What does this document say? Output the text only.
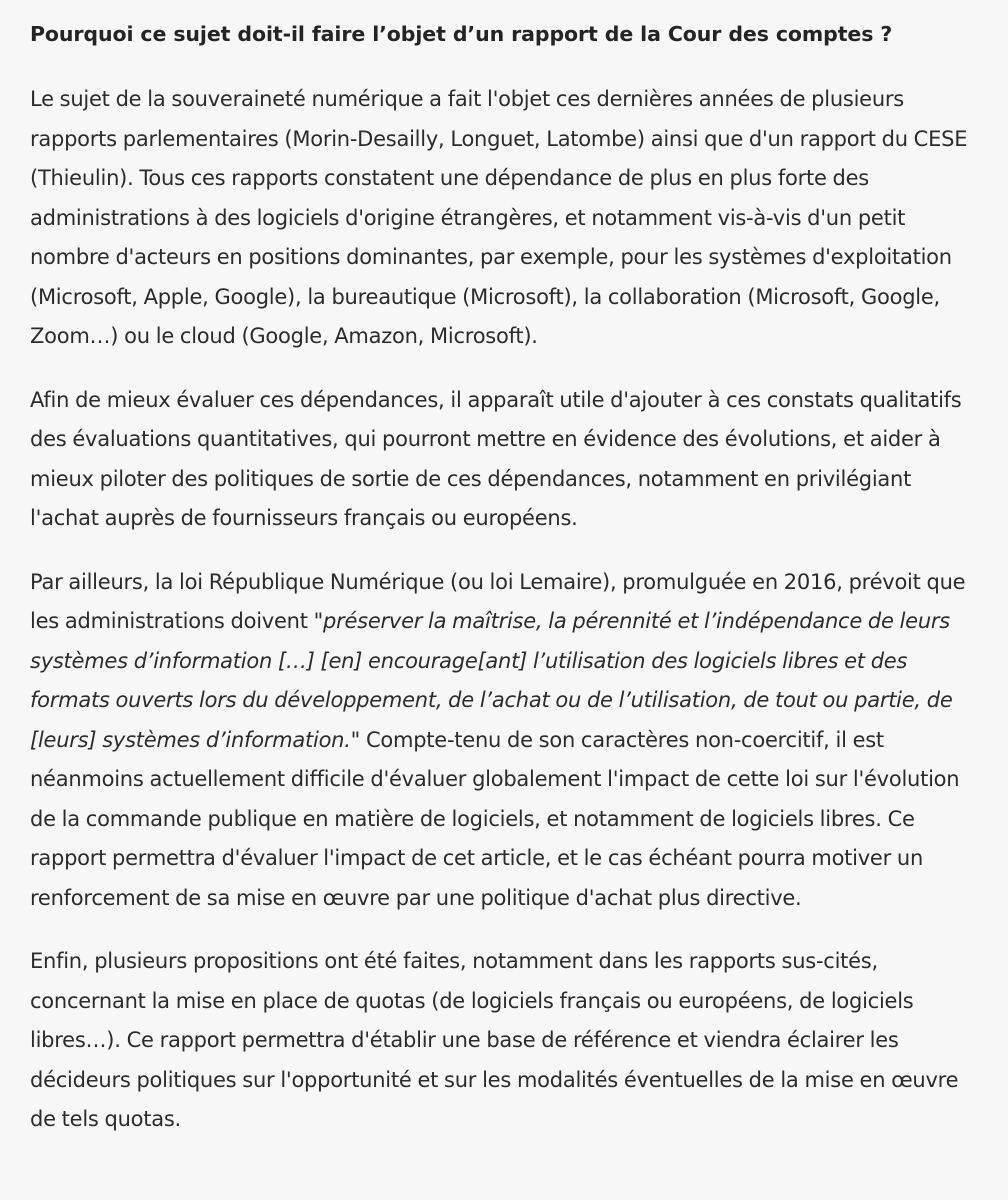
Pourquoi ce sujet doit-il faire l’objet d’un rapport de la Cour des comptes ?

Le sujet de la souveraineté numérique a fait l'objet ces dernières années de plusieurs rapports parlementaires (Morin-Desailly, Longuet, Latombe) ainsi que d'un rapport du CESE (Thieulin). Tous ces rapports constatent une dépendance de plus en plus forte des administrations à des logiciels d'origine étrangères, et notamment vis-à-vis d'un petit nombre d'acteurs en positions dominantes, par exemple, pour les systèmes d'exploitation (Microsoft, Apple, Google), la bureautique (Microsoft), la collaboration (Microsoft, Google, Zoom…) ou le cloud (Google, Amazon, Microsoft).

Afin de mieux évaluer ces dépendances, il apparaît utile d'ajouter à ces constats qualitatifs des évaluations quantitatives, qui pourront mettre en évidence des évolutions, et aider à mieux piloter des politiques de sortie de ces dépendances, notamment en privilégiant l'achat auprès de fournisseurs français ou européens.

Par ailleurs, la loi République Numérique (ou loi Lemaire), promulguée en 2016, prévoit que les administrations doivent "préserver la maîtrise, la pérennité et l’indépendance de leurs systèmes d’information […] [en] encourage[ant] l’utilisation des logiciels libres et des formats ouverts lors du développement, de l’achat ou de l’utilisation, de tout ou partie, de [leurs] systèmes d’information." Compte-tenu de son caractères non-coercitif, il est néanmoins actuellement difficile d'évaluer globalement l'impact de cette loi sur l'évolution de la commande publique en matière de logiciels, et notamment de logiciels libres. Ce rapport permettra d'évaluer l'impact de cet article, et le cas échéant pourra motiver un renforcement de sa mise en œuvre par une politique d'achat plus directive.

Enfin, plusieurs propositions ont été faites, notamment dans les rapports sus-cités, concernant la mise en place de quotas (de logiciels français ou européens, de logiciels libres…). Ce rapport permettra d'établir une base de référence et viendra éclairer les décideurs politiques sur l'opportunité et sur les modalités éventuelles de la mise en œuvre de tels quotas.
